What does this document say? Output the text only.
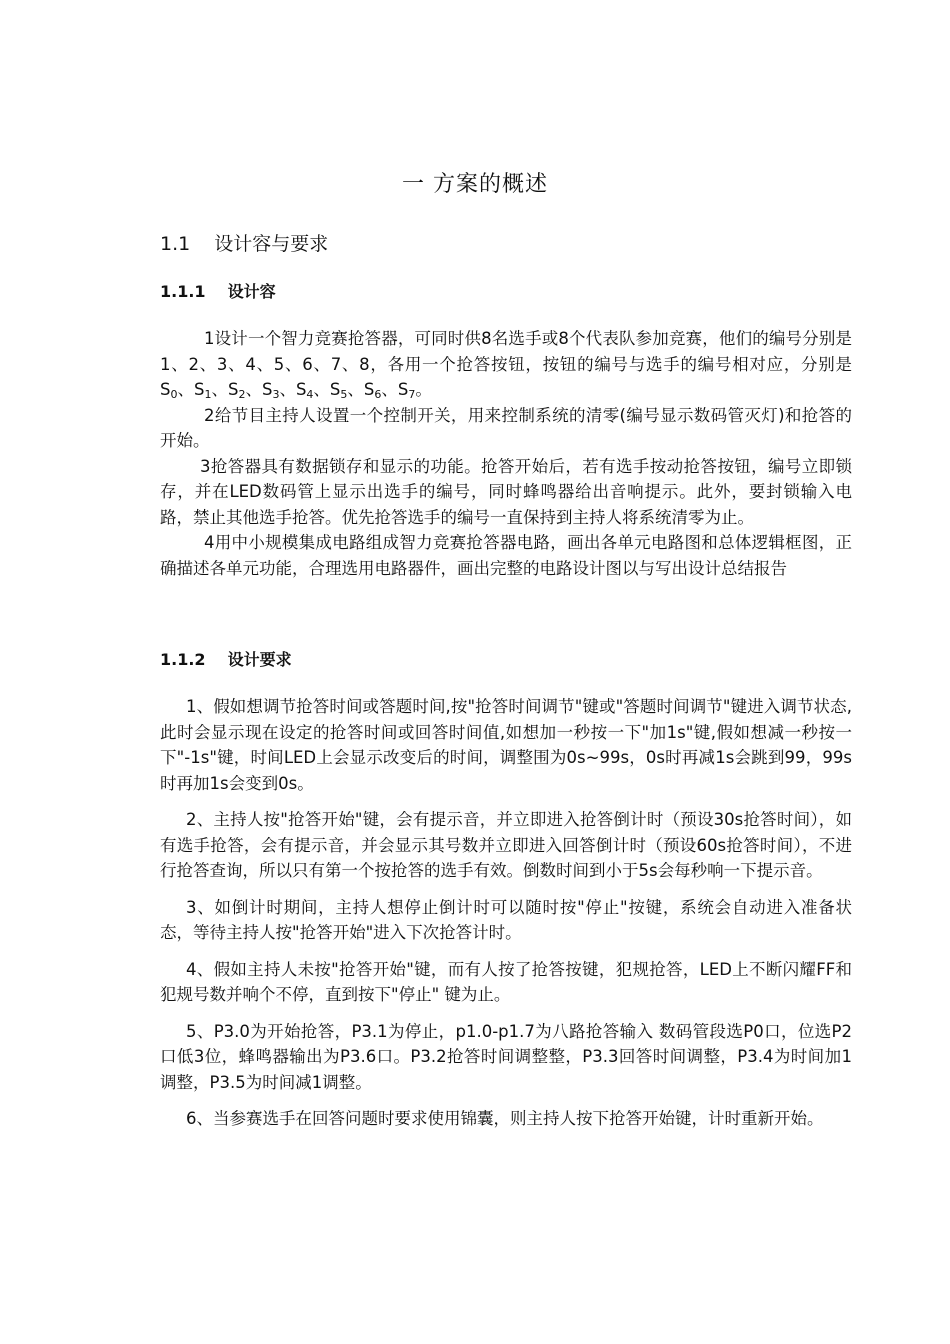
一 方案的概述
1.1 设计容与要求
1.1.1 设计容

1设计一个智力竞赛抢答器，可同时供8名选手或8个代表队参加竞赛，他们的编号分别是1、2、3、4、5、6、7、8，各用一个抢答按钮，按钮的编号与选手的编号相对应，分别是$S_0$、$S_1$、$S_2$、$S_3$、$S_4$、$S_5$、$S_6$、$S_7$。

2给节目主持人设置一个控制开关，用来控制系统的清零(编号显示数码管灭灯)和抢答的开始。

3抢答器具有数据锁存和显示的功能。抢答开始后，若有选手按动抢答按钮，编号立即锁存，并在LED数码管上显示出选手的编号，同时蜂鸣器给出音响提示。此外，要封锁输入电路，禁止其他选手抢答。优先抢答选手的编号一直保持到主持人将系统清零为止。

4用中小规模集成电路组成智力竞赛抢答器电路，画出各单元电路图和总体逻辑框图，正确描述各单元功能，合理选用电路器件，画出完整的电路设计图以与写出设计总结报告

1.1.2 设计要求

1、假如想调节抢答时间或答题时间,按"抢答时间调节"键或"答题时间调节"键进入调节状态,此时会显示现在设定的抢答时间或回答时间值,如想加一秒按一下"加1s"键,假如想减一秒按一下"-1s"键，时间LED上会显示改变后的时间，调整围为0s~99s，0s时再减1s会跳到99，99s时再加1s会变到0s。

2、主持人按"抢答开始"键，会有提示音，并立即进入抢答倒计时（预设30s抢答时间），如有选手抢答，会有提示音，并会显示其号数并立即进入回答倒计时（预设60s抢答时间），不进行抢答查询，所以只有第一个按抢答的选手有效。倒数时间到小于5s会每秒响一下提示音。

3、如倒计时期间，主持人想停止倒计时可以随时按"停止"按键，系统会自动进入准备状态，等待主持人按"抢答开始"进入下次抢答计时。

4、假如主持人未按"抢答开始"键，而有人按了抢答按键，犯规抢答，LED上不断闪耀FF和犯规号数并响个不停，直到按下"停止" 键为止。

5、P3.0为开始抢答，P3.1为停止，p1.0-p1.7为八路抢答输入 数码管段选P0口，位选P2口低3位，蜂鸣器输出为P3.6口。P3.2抢答时间调整整，P3.3回答时间调整，P3.4为时间加1调整，P3.5为时间减1调整。

6、当参赛选手在回答问题时要求使用锦囊，则主持人按下抢答开始键，计时重新开始。
